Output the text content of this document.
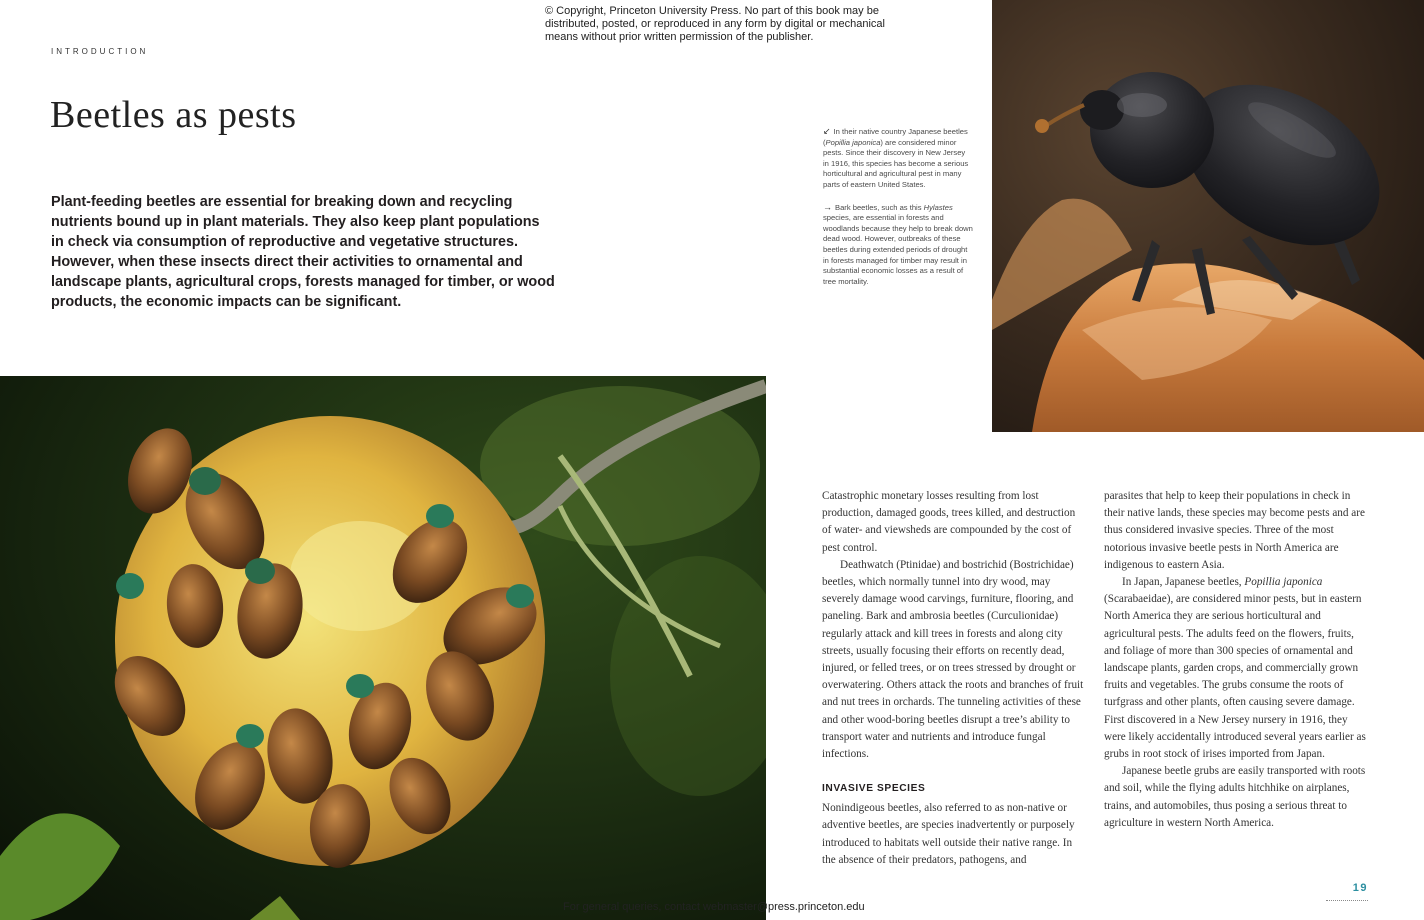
© Copyright, Princeton University Press. No part of this book may be
distributed, posted, or reproduced in any form by digital or mechanical
means without prior written permission of the publisher.
INTRODUCTION
Beetles as pests
Plant-feeding beetles are essential for breaking down and recycling nutrients bound up in plant materials. They also keep plant populations in check via consumption of reproductive and vegetative structures. However, when these insects direct their activities to ornamental and landscape plants, agricultural crops, forests managed for timber, or wood products, the economic impacts can be significant.

↙ In their native country Japanese beetles (Popillia japonica) are considered minor pests. Since their discovery in New Jersey in 1916, this species has become a serious horticultural and agricultural pest in many parts of eastern United States.

→ Bark beetles, such as this Hylastes species, are essential in forests and woodlands because they help to break down dead wood. However, outbreaks of these beetles during extended periods of drought in forests managed for timber may result in substantial economic losses as a result of tree mortality.

Catastrophic monetary losses resulting from lost production, damaged goods, trees killed, and destruction of water- and viewsheds are compounded by the cost of pest control.

Deathwatch (Ptinidae) and bostrichid (Bostrichidae) beetles, which normally tunnel into dry wood, may severely damage wood carvings, furniture, flooring, and paneling. Bark and ambrosia beetles (Curculionidae) regularly attack and kill trees in forests and along city streets, usually focusing their efforts on recently dead, injured, or felled trees, or on trees stressed by drought or overwatering. Others attack the roots and branches of fruit and nut trees in orchards. The tunneling activities of these and other wood-boring beetles disrupt a tree’s ability to transport water and nutrients and introduce fungal infections.

INVASIVE SPECIES

Nonindigeous beetles, also referred to as non-native or adventive beetles, are species inadvertently or purposely introduced to habitats well outside their native range. In the absence of their predators, pathogens, and

parasites that help to keep their populations in check in their native lands, these species may become pests and are thus considered invasive species. Three of the most notorious invasive beetle pests in North America are indigenous to eastern Asia.

In Japan, Japanese beetles, Popillia japonica (Scarabaeidae), are considered minor pests, but in eastern North America they are serious horticultural and agricultural pests. The adults feed on the flowers, fruits, and foliage of more than 300 species of ornamental and landscape plants, garden crops, and commercially grown fruits and vegetables. The grubs consume the roots of turfgrass and other plants, often causing severe damage. First discovered in a New Jersey nursery in 1916, they were likely accidentally introduced several years earlier as grubs in root stock of irises imported from Japan.

Japanese beetle grubs are easily transported with roots and soil, while the flying adults hitchhike on airplanes, trains, and automobiles, thus posing a serious threat to agriculture in western North America.

19
For general queries, contact webmaster@press.princeton.edu
